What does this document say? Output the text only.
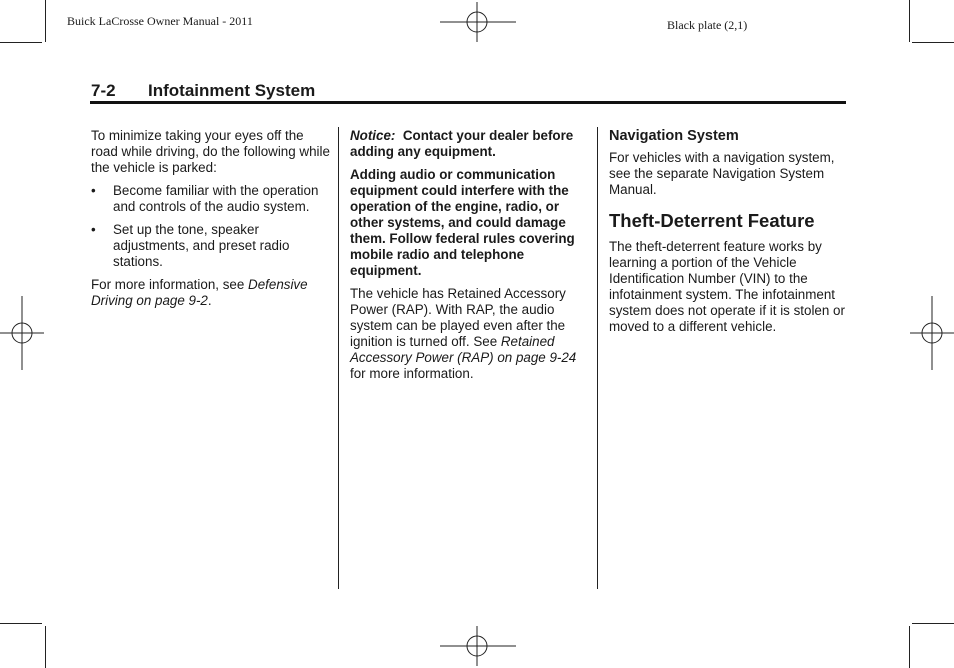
Buick LaCrosse Owner Manual - 2011	Black plate (2,1)
7-2 Infotainment System

To minimize taking your eyes off the road while driving, do the following while the vehicle is parked:

• Become familiar with the operation and controls of the audio system.
• Set up the tone, speaker adjustments, and preset radio stations.

For more information, see Defensive Driving on page 9-2.

Notice: Contact your dealer before adding any equipment.

Adding audio or communication equipment could interfere with the operation of the engine, radio, or other systems, and could damage them. Follow federal rules covering mobile radio and telephone equipment.

The vehicle has Retained Accessory Power (RAP). With RAP, the audio system can be played even after the ignition is turned off. See Retained Accessory Power (RAP) on page 9-24 for more information.

Navigation System

For vehicles with a navigation system, see the separate Navigation System Manual.

Theft-Deterrent Feature

The theft-deterrent feature works by learning a portion of the Vehicle Identification Number (VIN) to the infotainment system. The infotainment system does not operate if it is stolen or moved to a different vehicle.
